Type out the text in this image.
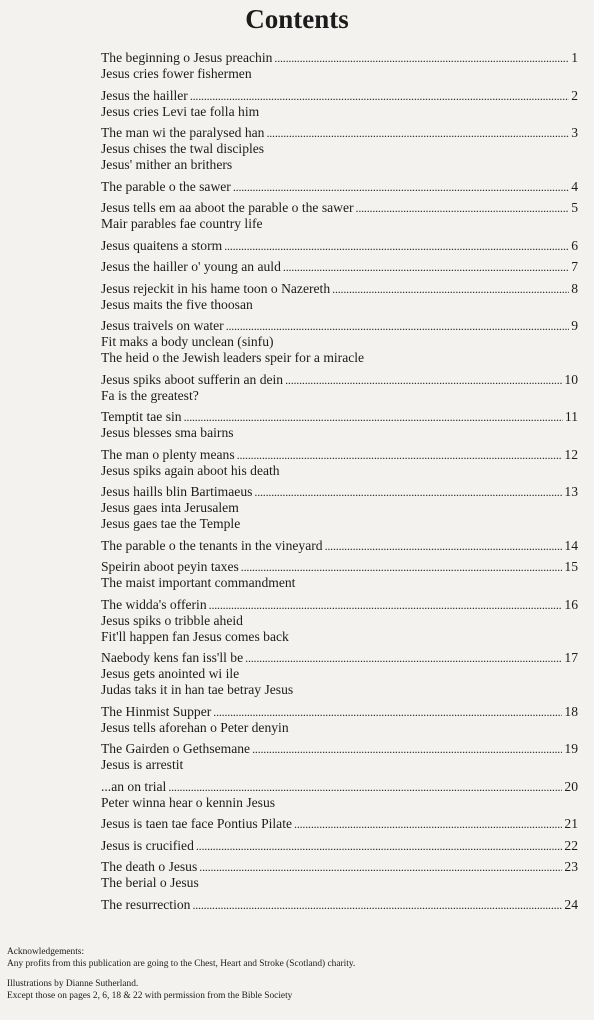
Contents
The beginning o Jesus preachin . . .	1
Jesus cries fower fishermen
Jesus the hailler . . .	2
Jesus cries Levi tae folla him
The man wi the paralysed han . . .	3
Jesus chises the twal disciples
Jesus' mither an brithers
The parable o the sawer . . .	4
Jesus tells em aa aboot the parable o the sawer . . .	5
Mair parables fae country life
Jesus quaitens a storm . . .	6
Jesus the hailler o' young an auld . . .	7
Jesus rejeckit in his hame toon o Nazereth . . .	8
Jesus maits the five thoosan
Jesus traivels on water . . .	9
Fit maks a body unclean (sinfu)
The heid o the Jewish leaders speir for a miracle
Jesus spiks aboot sufferin an dein . . .	10
Fa is the greatest?
Temptit tae sin . . .	11
Jesus blesses sma bairns
The man o plenty means . . .	12
Jesus spiks again aboot his death
Jesus haills blin Bartimaeus . . .	13
Jesus gaes inta Jerusalem
Jesus gaes tae the Temple
The parable o the tenants in the vineyard . . .	14
Speirin aboot peyin taxes . . .	15
The maist important commandment
The widda's offerin . . .	16
Jesus spiks o tribble aheid
Fit'll happen fan Jesus comes back
Naebody kens fan iss'll be . . .	17
Jesus gets anointed wi ile
Judas taks it in han tae betray Jesus
The Hinmist Supper . . .	18
Jesus tells aforehan o Peter denyin
The Gairden o Gethsemane . . .	19
Jesus is arrestit
...an on trial . . .	20
Peter winna hear o kennin Jesus
Jesus is taen tae face Pontius Pilate . . .	21
Jesus is crucified . . .	22
The death o Jesus . . .	23
The berial o Jesus
The resurrection . . .	24
Acknowledgements:
Any profits from this publication are going to the Chest, Heart and Stroke (Scotland) charity.
Illustrations by Dianne Sutherland.
Except those on pages 2, 6, 18 & 22 with permission from the Bible Society
